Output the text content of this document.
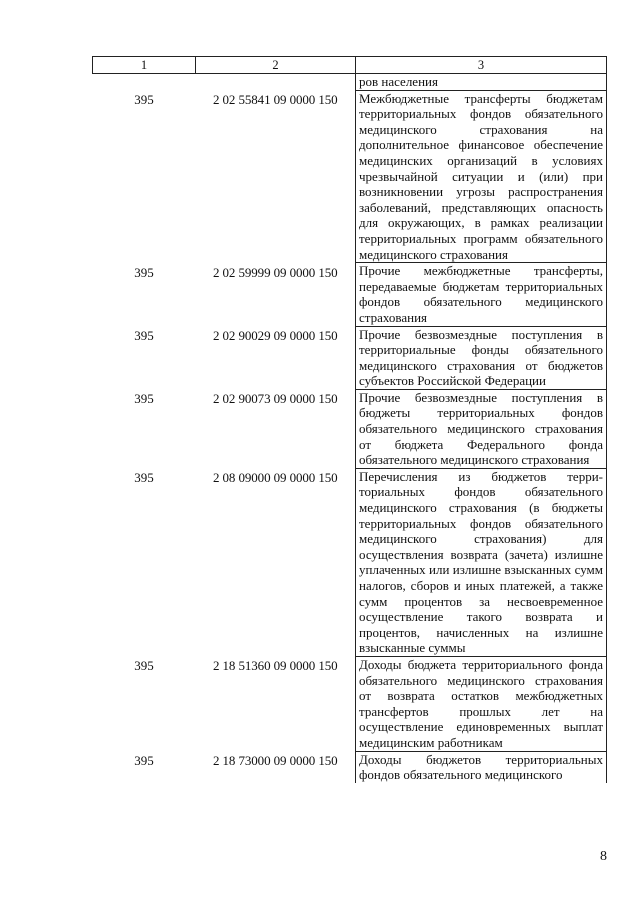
1	2	3
		ров населения
395	2 02 55841 09 0000 150	Межбюджетные трансферты бюджетам территориальных фондов обязательного медицинского страхования на дополнительное финансовое обеспечение медицинских организаций в условиях чрезвычайной ситуации и (или) при возникновении угрозы распространения заболеваний, представляющих опасность для окружающих, в рамках реализации территориальных программ обязательного медицинского страхования
395	2 02 59999 09 0000 150	Прочие межбюджетные трансферты, передаваемые бюджетам территориальных фондов обязательного медицинского страхования
395	2 02 90029 09 0000 150	Прочие безвозмездные поступления в территориальные фонды обязательного медицинского страхования от бюджетов субъектов Российской Федерации
395	2 02 90073 09 0000 150	Прочие безвозмездные поступления в бюджеты территориальных фондов обязательного медицинского страхования от бюджета Федерального фонда обязательного медицинского страхования
395	2 08 09000 09 0000 150	Перечисления из бюджетов территориальных фондов обязательного медицинского страхования (в бюджеты территориальных фондов обязательного медицинского страхования) для осуществления возврата (зачета) излишне уплаченных или излишне взысканных сумм налогов, сборов и иных платежей, а также сумм процентов за несвоевременное осуществление такого возврата и процентов, начисленных на излишне взысканные суммы
395	2 18 51360 09 0000 150	Доходы бюджета территориального фонда обязательного медицинского страхования от возврата остатков межбюджетных трансфертов прошлых лет на осуществление единовременных выплат медицинским работникам
395	2 18 73000 09 0000 150	Доходы бюджетов территориальных фондов обязательного медицинского
8
